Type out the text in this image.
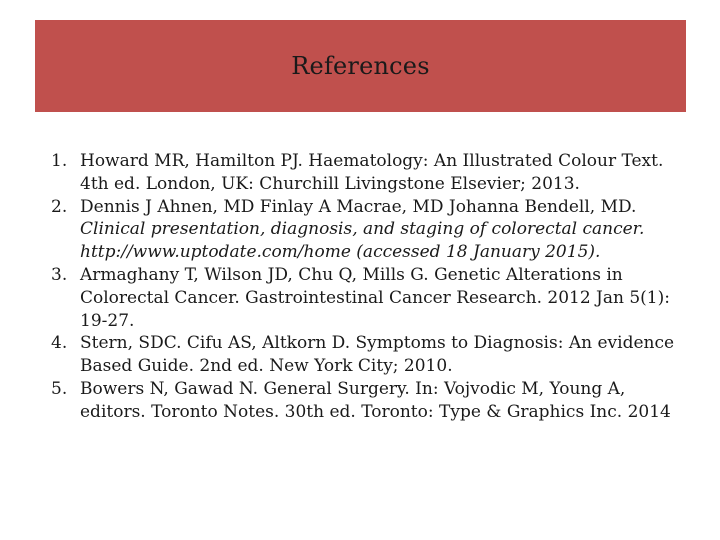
References
1. Howard MR, Hamilton PJ. Haematology: An Illustrated Colour Text. 4th ed. London, UK: Churchill Livingstone Elsevier; 2013.
2. Dennis J Ahnen, MD Finlay A Macrae, MD Johanna Bendell, MD. Clinical presentation, diagnosis, and staging of colorectal cancer. http://www.uptodate.com/home (accessed 18 January 2015).
3. Armaghany T, Wilson JD, Chu Q, Mills G. Genetic Alterations in Colorectal Cancer. Gastrointestinal Cancer Research. 2012 Jan 5(1): 19-27.
4. Stern, SDC. Cifu AS, Altkorn D. Symptoms to Diagnosis: An evidence Based Guide. 2nd ed. New York City; 2010.
5. Bowers N, Gawad N. General Surgery. In: Vojvodic M, Young A, editors. Toronto Notes. 30th ed. Toronto: Type & Graphics Inc. 2014
